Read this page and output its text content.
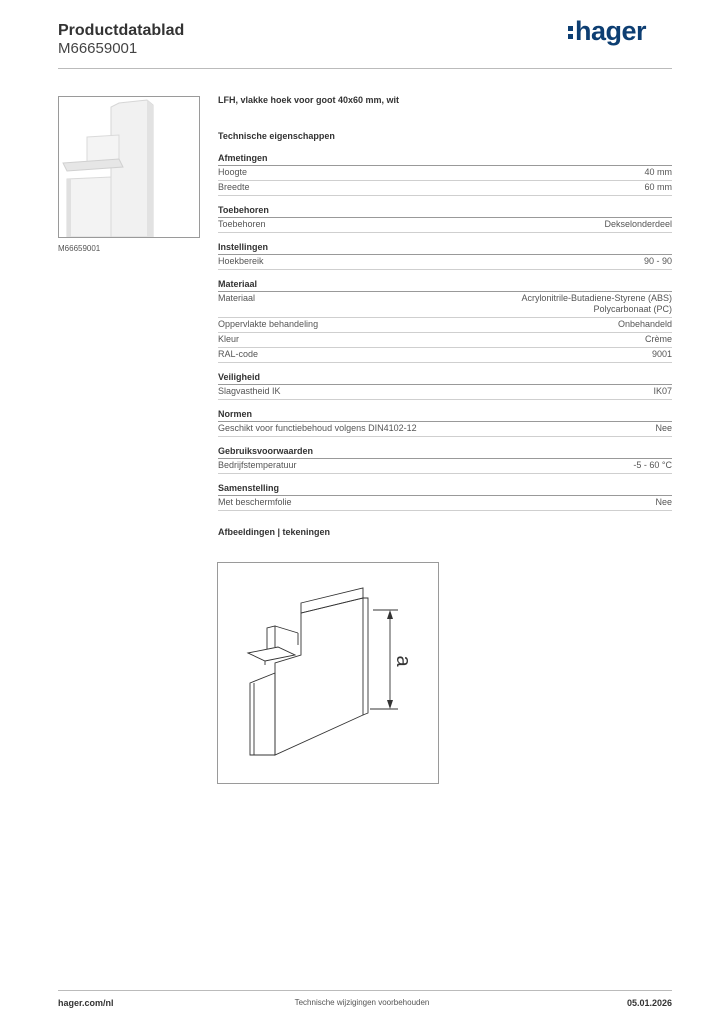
Productdatablad
M66659001
hager
M66659001
LFH, vlakke hoek voor goot 40x60 mm, wit
Technische eigenschappen
Afmetingen
Hoogte	40 mm
Breedte	60 mm
Toebehoren
Toebehoren	Dekselonderdeel
Instellingen
Hoekbereik	90 - 90
Materiaal
Materiaal	Acrylonitrile-Butadiene-Styrene (ABS)
Polycarbonaat (PC)
Oppervlakte behandeling	Onbehandeld
Kleur	Crème
RAL-code	9001
Veiligheid
Slagvastheid IK	IK07
Normen
Geschikt voor functiebehoud volgens DIN4102-12	Nee
Gebruiksvoorwaarden
Bedrijfstemperatuur	-5 - 60 °C
Samenstelling
Met beschermfolie	Nee
Afbeeldingen | tekeningen
a
hager.com/nl	Technische wijzigingen voorbehouden	05.01.2026
